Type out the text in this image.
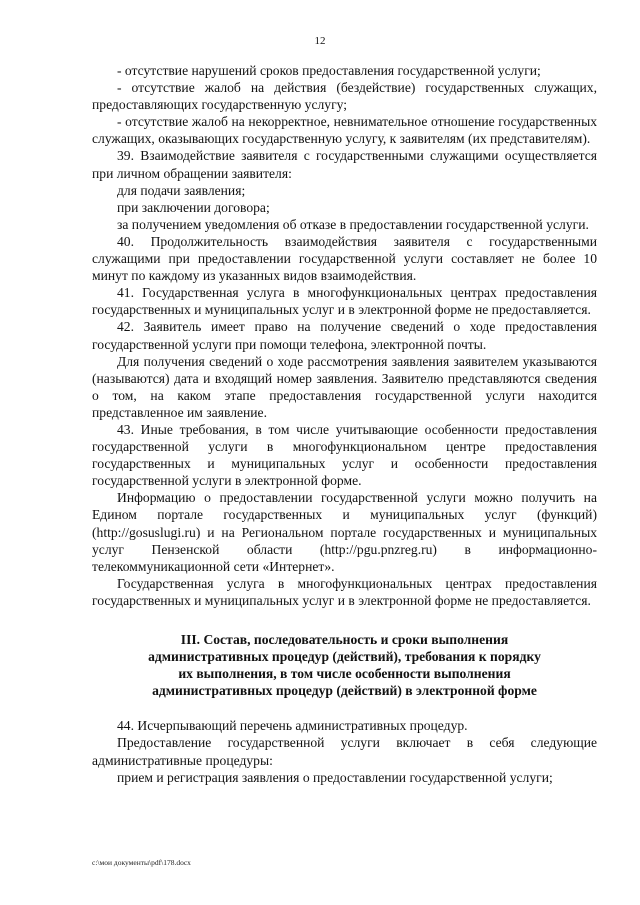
12

- отсутствие нарушений сроков предоставления государственной услуги;

- отсутствие жалоб на действия (бездействие) государственных служащих, предоставляющих государственную услугу;

- отсутствие жалоб на некорректное, невнимательное отношение государственных служащих, оказывающих государственную услугу, к заявителям (их представителям).

39. Взаимодействие заявителя с государственными служащими осуществляется при личном обращении заявителя:

для подачи заявления;

при заключении договора;

за получением уведомления об отказе в предоставлении государственной услуги.

40. Продолжительность взаимодействия заявителя с государственными служащими при предоставлении государственной услуги составляет не более 10 минут по каждому из указанных видов взаимодействия.

41. Государственная услуга в многофункциональных центрах предоставления государственных и муниципальных услуг и в электронной форме не предоставляется.

42. Заявитель имеет право на получение сведений о ходе предоставления государственной услуги при помощи телефона, электронной почты.

Для получения сведений о ходе рассмотрения заявления заявителем указываются (называются) дата и входящий номер заявления. Заявителю представляются сведения о том, на каком этапе предоставления государственной услуги находится представленное им заявление.

43. Иные требования, в том числе учитывающие особенности предоставления государственной услуги в многофункциональном центре предоставления государственных и муниципальных услуг и особенности предоставления государственной услуги в электронной форме.

Информацию о предоставлении государственной услуги можно получить на Едином портале государственных и муниципальных услуг (функций) (http://gosuslugi.ru) и на Региональном портале государственных и муниципальных услуг Пензенской области (http://pgu.pnzreg.ru) в информационно-телекоммуникационной сети «Интернет».

Государственная услуга в многофункциональных центрах предоставления государственных и муниципальных услуг и в электронной форме не предоставляется.

III. Состав, последовательность и сроки выполнения
административных процедур (действий), требования к порядку
их выполнения, в том числе особенности выполнения
административных процедур (действий) в электронной форме

44. Исчерпывающий перечень административных процедур.

Предоставление государственной услуги включает в себя следующие административные процедуры:

прием и регистрация заявления о предоставлении государственной услуги;

c:\мои документы\pdf\178.docx
